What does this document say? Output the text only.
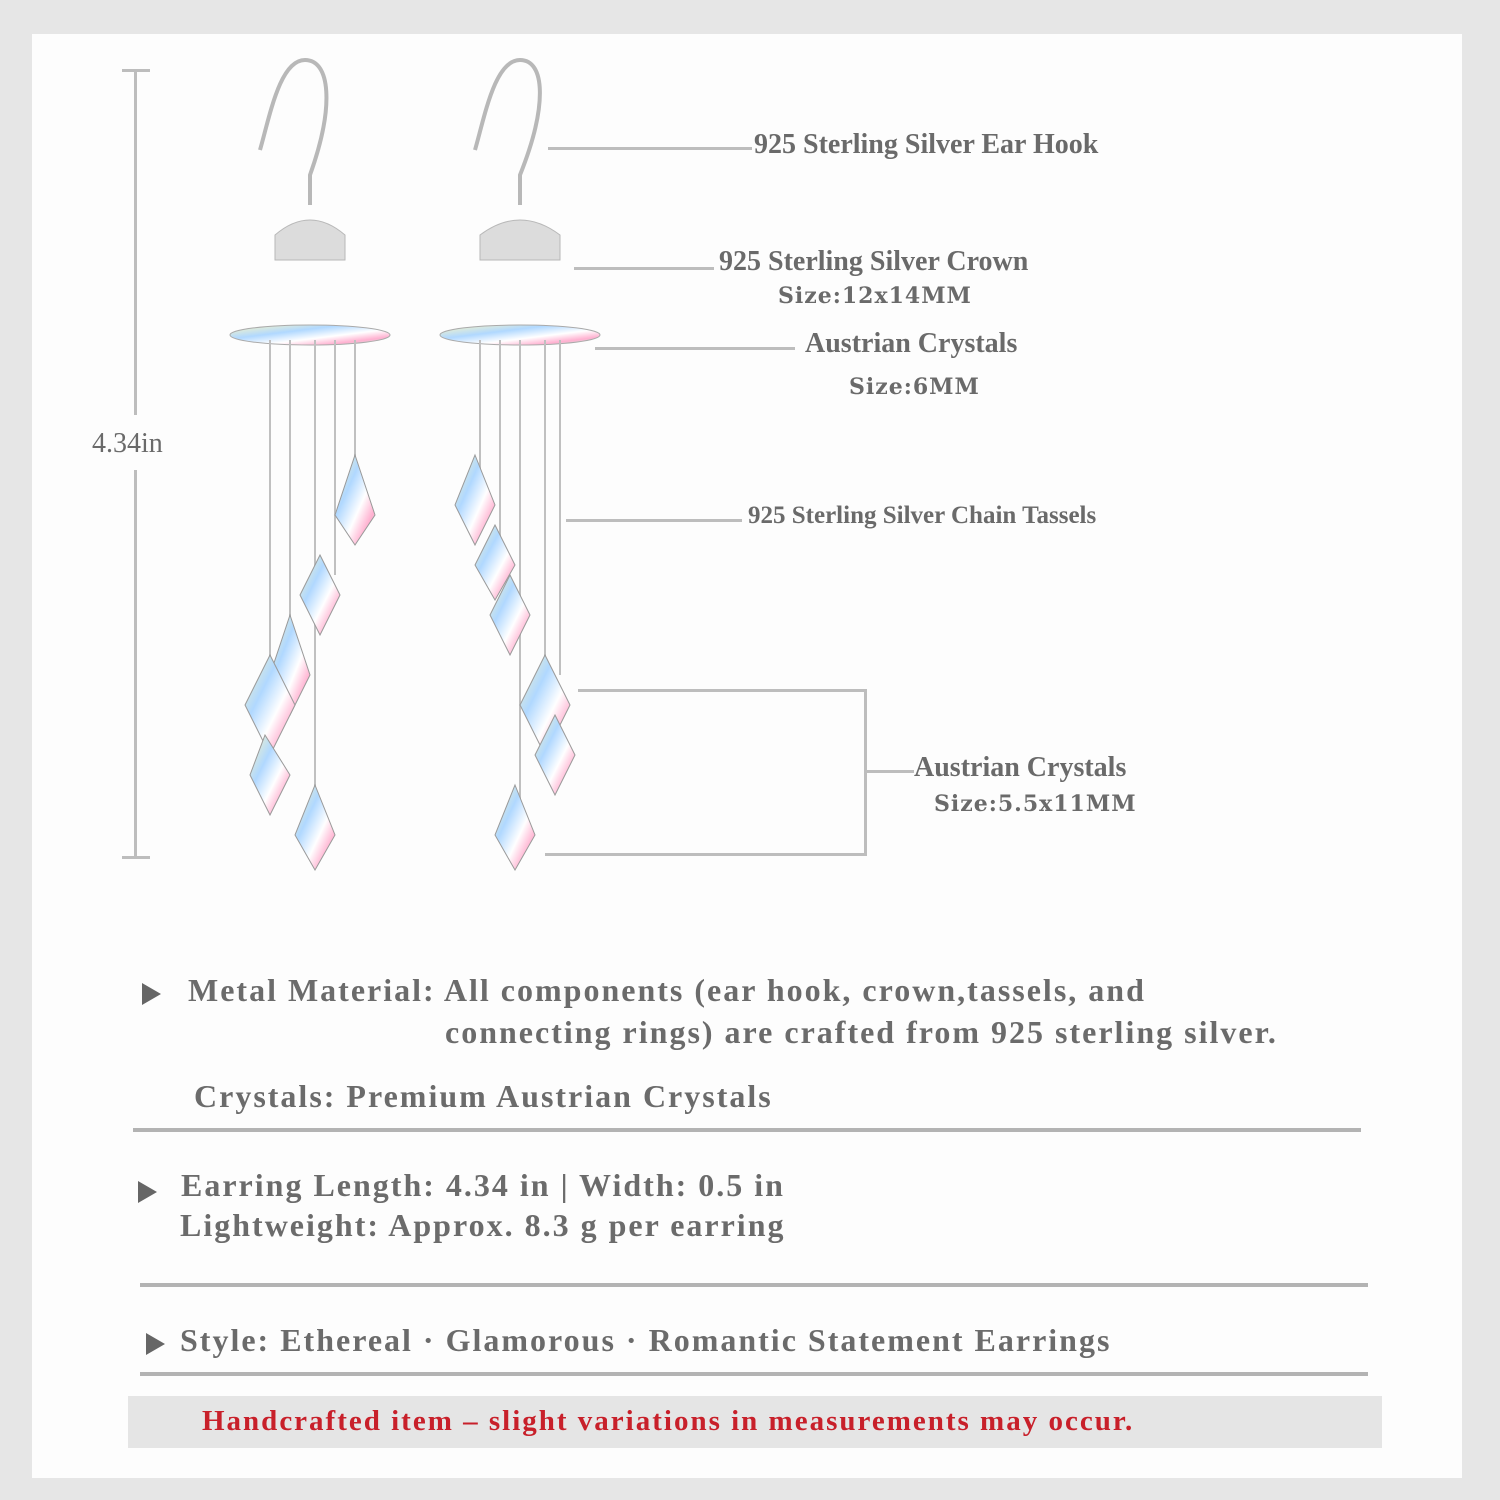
4.34in
925 Sterling Silver Ear Hook
925 Sterling Silver Crown
Size:12x14MM
Austrian Crystals
Size:6MM
925 Sterling Silver Chain Tassels
Austrian Crystals
Size:5.5x11MM
Metal Material: All components (ear hook, crown,tassels, and
connecting rings) are crafted from 925 sterling silver.
Crystals: Premium Austrian Crystals
Earring Length: 4.34 in | Width: 0.5 in
Lightweight: Approx. 8.3 g per earring
Style: Ethereal · Glamorous · Romantic Statement Earrings
Handcrafted item – slight variations in measurements may occur.
